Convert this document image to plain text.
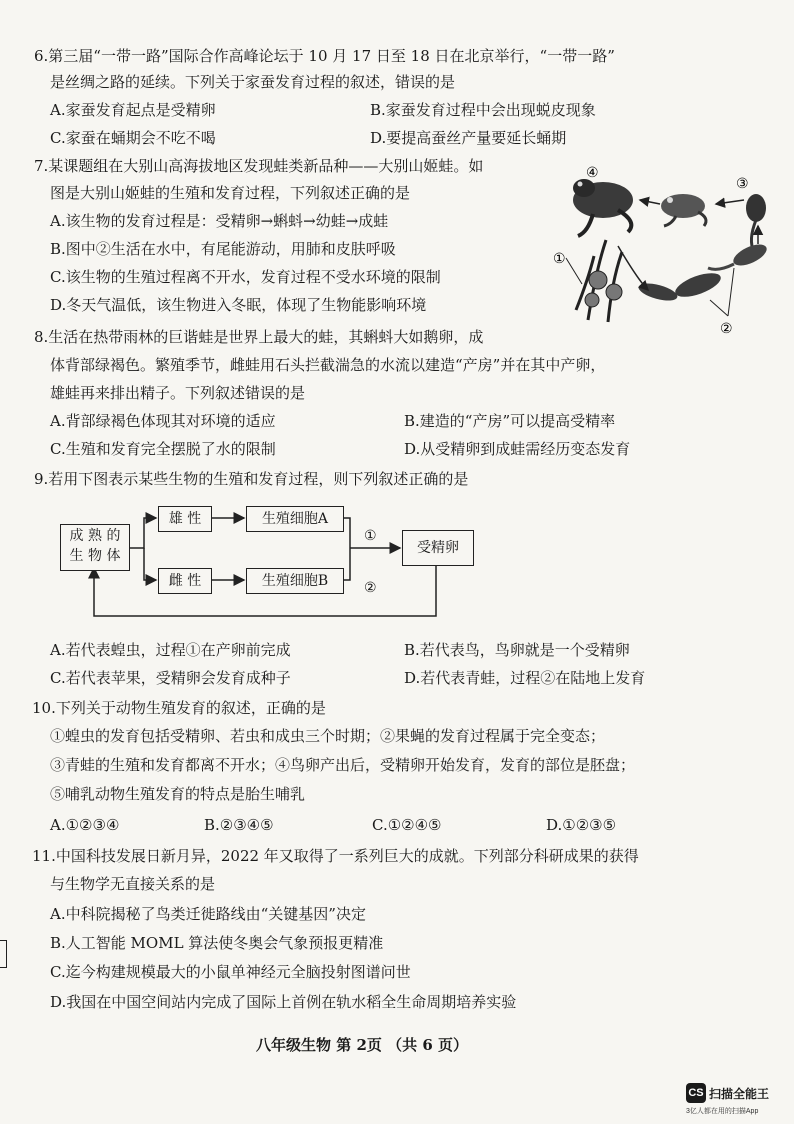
6.第三届“一带一路”国际合作高峰论坛于 10 月 17 日至 18 日在北京举行，“一带一路”
是丝绸之路的延续。下列关于家蚕发育过程的叙述，错误的是
A.家蚕发育起点是受精卵	B.家蚕发育过程中会出现蜕皮现象
C.家蚕在蛹期会不吃不喝	D.要提高蚕丝产量要延长蛹期
7.某课题组在大别山高海拔地区发现蛙类新品种——大别山姬蛙。如
图是大别山姬蛙的生殖和发育过程，下列叙述正确的是
A.该生物的发育过程是：受精卵→蝌蚪→幼蛙→成蛙
B.图中②生活在水中，有尾能游动，用肺和皮肤呼吸
C.该生物的生殖过程离不开水，发育过程不受水环境的限制
D.冬天气温低，该生物进入冬眠，体现了生物能影响环境
①
②
③
④
8.生活在热带雨林的巨谐蛙是世界上最大的蛙，其蝌蚪大如鹅卵，成
体背部绿褐色。繁殖季节，雌蛙用石头拦截湍急的水流以建造“产房”并在其中产卵，
雄蛙再来排出精子。下列叙述错误的是
A.背部绿褐色体现其对环境的适应	B.建造的“产房”可以提高受精率
C.生殖和发育完全摆脱了水的限制	D.从受精卵到成蛙需经历变态发育
9.若用下图表示某些生物的生殖和发育过程，则下列叙述正确的是
成 熟 的
生 物 体
雄 性
雌 性
生殖细胞A
生殖细胞B
受精卵
①
②
A.若代表蝗虫，过程①在产卵前完成	B.若代表鸟，鸟卵就是一个受精卵
C.若代表苹果，受精卵会发育成种子	D.若代表青蛙，过程②在陆地上发育
10.下列关于动物生殖发育的叙述，正确的是
①蝗虫的发育包括受精卵、若虫和成虫三个时期；②果蝇的发育过程属于完全变态；
③青蛙的生殖和发育都离不开水；④鸟卵产出后，受精卵开始发育，发育的部位是胚盘；
⑤哺乳动物生殖发育的特点是胎生哺乳
A.①②③④	B.②③④⑤	C.①②④⑤	D.①②③⑤
11.中国科技发展日新月异，2022 年又取得了一系列巨大的成就。下列部分科研成果的获得
与生物学无直接关系的是
A.中科院揭秘了鸟类迁徙路线由“关键基因”决定
B.人工智能 MOML 算法使冬奥会气象预报更精准
C.迄今构建规模最大的小鼠单神经元全脑投射图谱问世
D.我国在中国空间站内完成了国际上首例在轨水稻全生命周期培养实验
八年级生物 第 2页 （共 6 页）
CS 扫描全能王
3亿人都在用的扫描App
